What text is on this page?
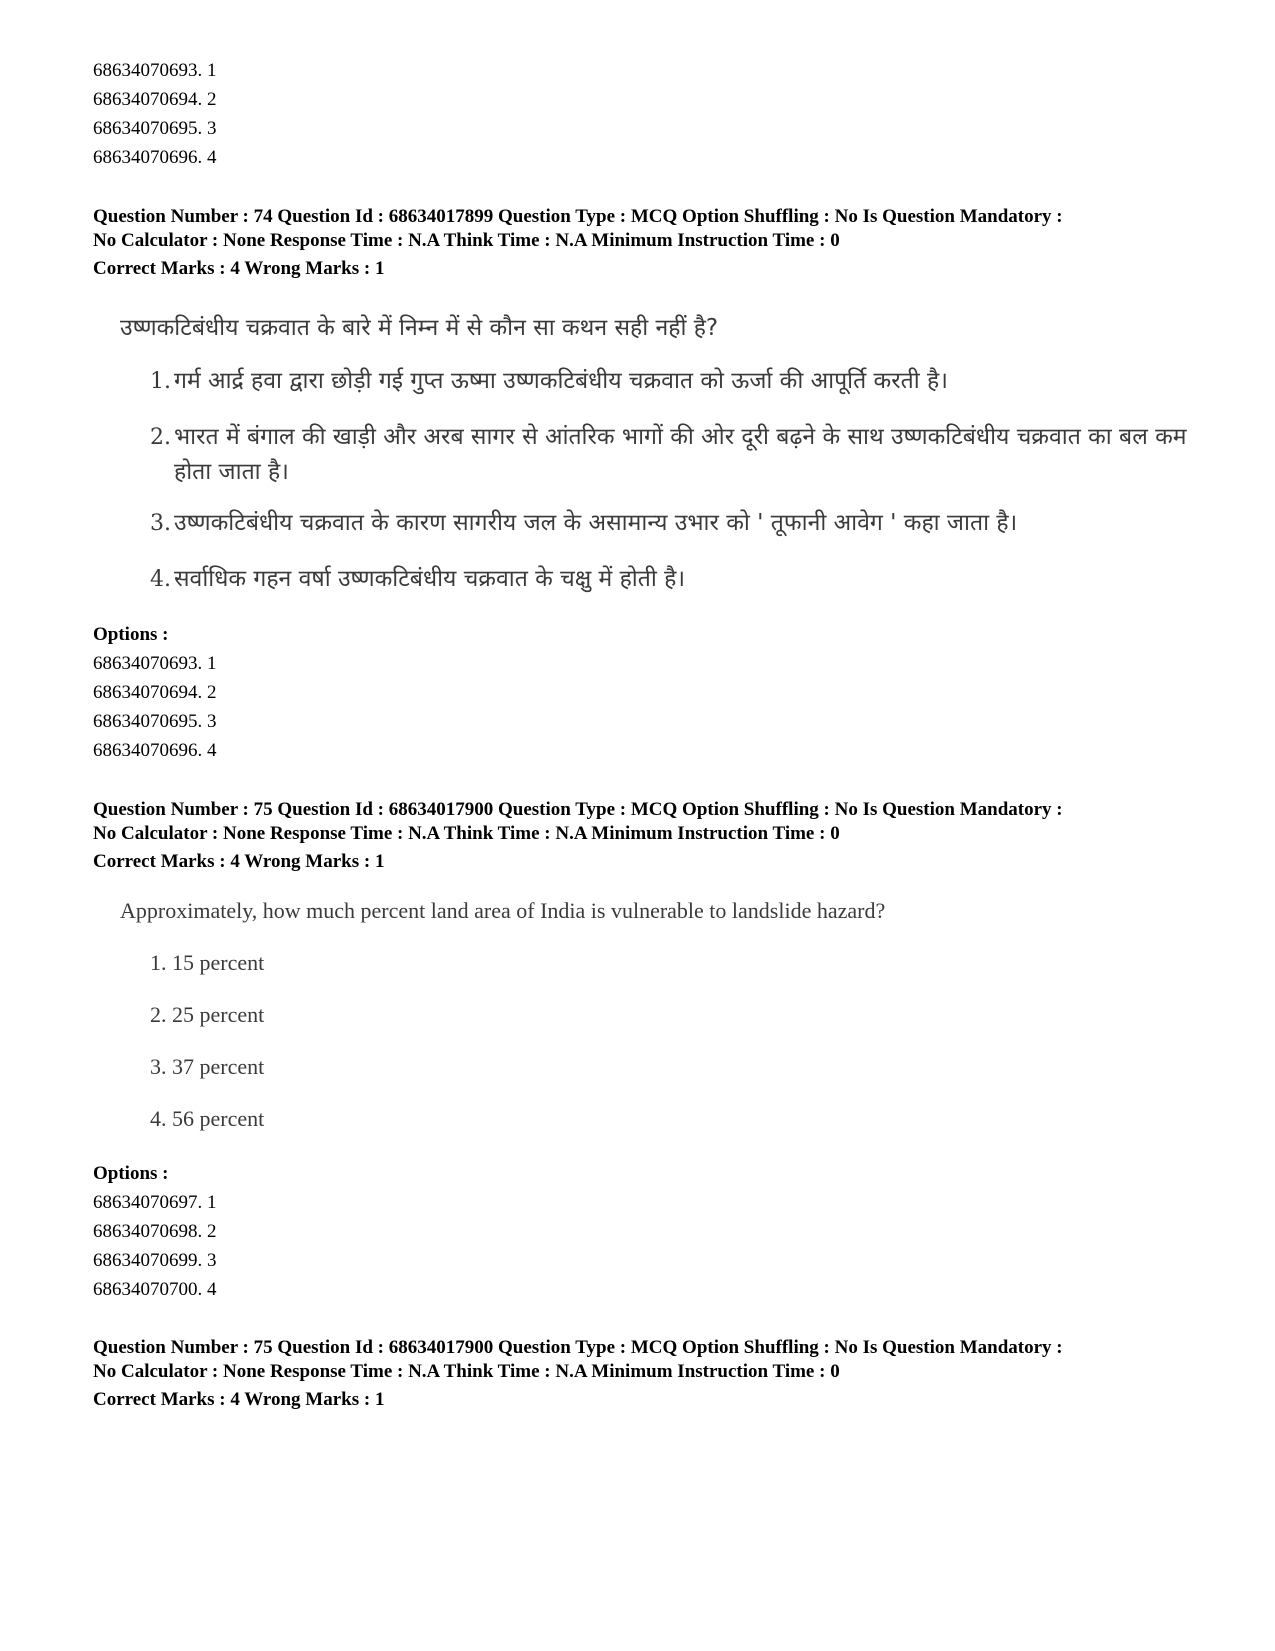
68634070693. 1
68634070694. 2
68634070695. 3
68634070696. 4
Question Number : 74 Question Id : 68634017899 Question Type : MCQ Option Shuffling : No Is Question Mandatory :
No Calculator : None Response Time : N.A Think Time : N.A Minimum Instruction Time : 0
Correct Marks : 4 Wrong Marks : 1
उष्णकटिबंधीय चक्रवात के बारे में निम्न में से कौन सा कथन सही नहीं है?
1. गर्म आर्द्र हवा द्वारा छोड़ी गई गुप्त ऊष्मा उष्णकटिबंधीय चक्रवात को ऊर्जा की आपूर्ति करती है।
2. भारत में बंगाल की खाड़ी और अरब सागर से आंतरिक भागों की ओर दूरी बढ़ने के साथ उष्णकटिबंधीय चक्रवात का बल कम होता जाता है।
3. उष्णकटिबंधीय चक्रवात के कारण सागरीय जल के असामान्य उभार को ' तूफानी आवेग ' कहा जाता है।
4. सर्वाधिक गहन वर्षा उष्णकटिबंधीय चक्रवात के चक्षु में होती है।
Options :
68634070693. 1
68634070694. 2
68634070695. 3
68634070696. 4
Question Number : 75 Question Id : 68634017900 Question Type : MCQ Option Shuffling : No Is Question Mandatory :
No Calculator : None Response Time : N.A Think Time : N.A Minimum Instruction Time : 0
Correct Marks : 4 Wrong Marks : 1
Approximately, how much percent land area of India is vulnerable to landslide hazard?
1. 15 percent
2. 25 percent
3. 37 percent
4. 56 percent
Options :
68634070697. 1
68634070698. 2
68634070699. 3
68634070700. 4
Question Number : 75 Question Id : 68634017900 Question Type : MCQ Option Shuffling : No Is Question Mandatory :
No Calculator : None Response Time : N.A Think Time : N.A Minimum Instruction Time : 0
Correct Marks : 4 Wrong Marks : 1
